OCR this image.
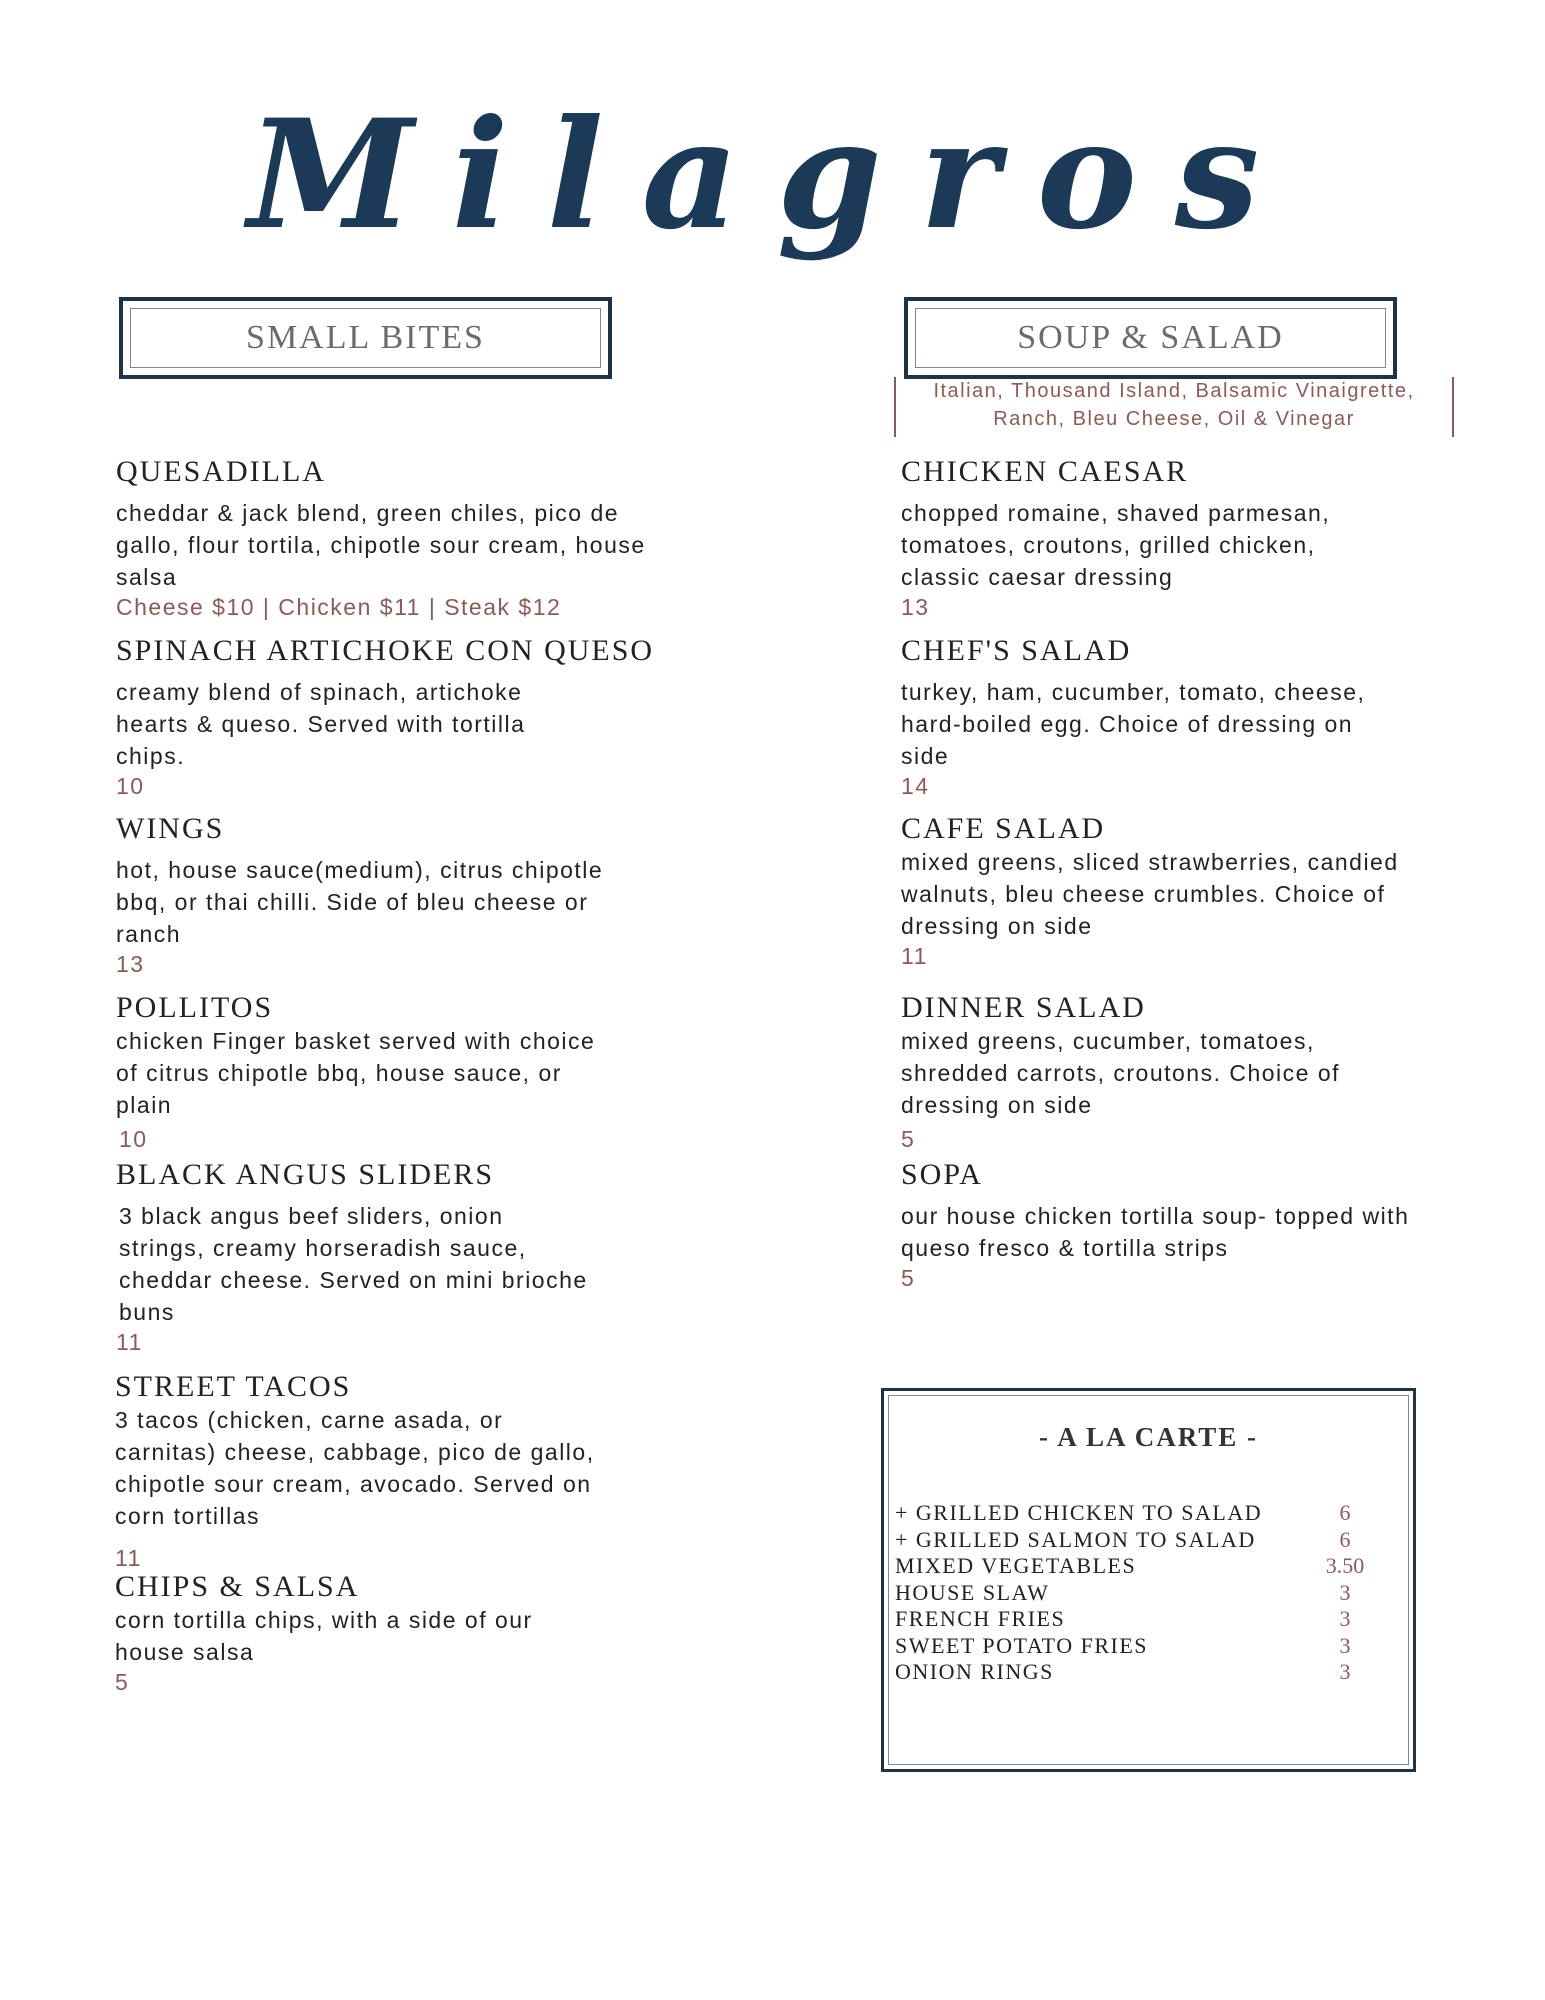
Milagros
SMALL BITES	SOUP & SALAD
Italian, Thousand Island, Balsamic Vinaigrette,
Ranch, Bleu Cheese, Oil & Vinegar
QUESADILLA
cheddar & jack blend, green chiles, pico de gallo, flour tortila, chipotle sour cream, house salsa
Cheese $10 | Chicken $11 | Steak $12
SPINACH ARTICHOKE CON QUESO
creamy blend of spinach, artichoke hearts & queso. Served with tortilla chips.
10
WINGS
hot, house sauce(medium), citrus chipotle bbq, or thai chilli. Side of bleu cheese or ranch
13
POLLITOS
chicken Finger basket served with choice of citrus chipotle bbq, house sauce, or plain
10
BLACK ANGUS SLIDERS
3 black angus beef sliders, onion strings, creamy horseradish sauce, cheddar cheese. Served on mini brioche buns
11
STREET TACOS
3 tacos (chicken, carne asada, or carnitas) cheese, cabbage, pico de gallo, chipotle sour cream, avocado. Served on corn tortillas
11
CHIPS & SALSA
corn tortilla chips, with a side of our house salsa
5
CHICKEN CAESAR
chopped romaine, shaved parmesan, tomatoes, croutons, grilled chicken, classic caesar dressing
13
CHEF'S SALAD
turkey, ham, cucumber, tomato, cheese, hard-boiled egg. Choice of dressing on side
14
CAFE SALAD
mixed greens, sliced strawberries, candied walnuts, bleu cheese crumbles. Choice of dressing on side
11
DINNER SALAD
mixed greens, cucumber, tomatoes, shredded carrots, croutons. Choice of dressing on side
5
SOPA
our house chicken tortilla soup- topped with queso fresco & tortilla strips
5
- A LA CARTE -
+ GRILLED CHICKEN TO SALAD	6
+ GRILLED SALMON TO SALAD	6
MIXED VEGETABLES	3.50
HOUSE SLAW	3
FRENCH FRIES	3
SWEET POTATO FRIES	3
ONION RINGS	3
